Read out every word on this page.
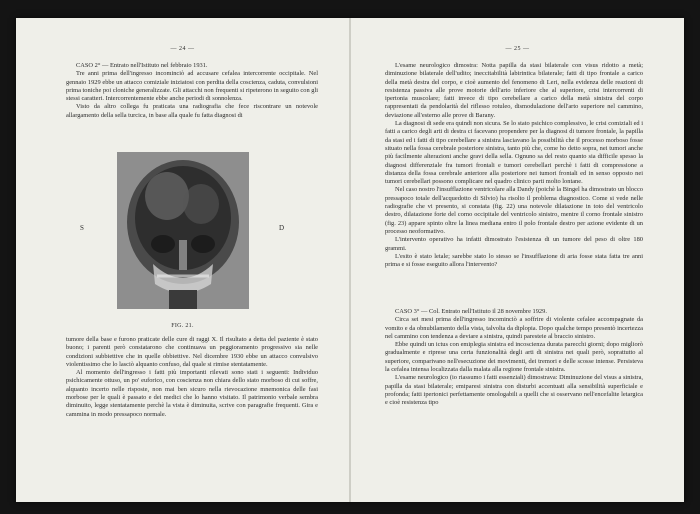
— 24 —

CASO 2° — Entrato nell'Istituto nel febbraio 1931.

Tre anni prima dell'ingresso incominciò ad accusare cefalea intercorrente occipitale. Nel gennaio 1929 ebbe un attacco comiziale iniziatosi con perdita della coscienza, caduta, convulsioni prima toniche poi cloniche generalizzate. Gli attacchi non frequenti si ripeterono in seguito con gli stessi caratteri. Intercorrentemente ebbe anche periodi di sonnolenza.

Visto da altro collega fu praticata una radiografia che fece riscontrare un notevole allargamento della sella turcica, in base alla quale fu fatta diagnosi di

S	D
FIG. 21.

tumore della base e furono praticate delle cure di raggi X. Il risultato a detta del paziente è stato buono; i parenti però constatarono che continuava un peggioramento progressivo sia nelle condizioni subbiettive che in quelle obbiettive. Nel dicembre 1930 ebbe un attacco convulsivo violentissimo che lo lasciò alquanto confuso, dal quale si rimise stentatamente.

Al momento dell'ingresso i fatti più importanti rilevati sono stati i seguenti: Individuo psichicamente ottuso, un po' euforico, con coscienza non chiara dello stato morboso di cui soffre, alquanto incerto nelle risposte, non mai ben sicuro nella rievocazione mnemonica delle fasi morbose per le quali è passato e dei medici che lo hanno visitato. Il patrimonio verbale sembra diminuito, legge stentatamente perchè la vista è diminuita, scrive con paragrafie frequenti. Gira e cammina in modo pressapoco normale.

— 25 —

L'esame neurologico dimostra: Notta papilla da stasi bilaterale con visus ridotto a metà; diminuzione bilaterale dell'udito; ineccitabilità labirintica bilaterale; fatti di tipo frontale a carico della metà destra del corpo, e cioè aumento del fenomeno di Leri, nella evidenza delle reazioni di resistenza passiva alle prove motorie dell'arto inferiore che al superiore, crisi intercorrenti di ipertonia muscolare; fatti invece di tipo cerebellare a carico della metà sinistra del corpo rappresentati da pendolarità del riflesso rotuleo, dismodulazione dell'arto superiore nel cammino, deviazione all'esterno alle prove di Barany.

La diagnosi di sede era quindi non sicura. Se lo stato psichico complessivo, le crisi comiziali ed i fatti a carico degli arti di destra ci facevano propendere per la diagnosi di tumore frontale, la papilla da stasi ed i fatti di tipo cerebellare a sinistra lasciavano la possibilità che il processo morboso fosse situato nella fossa cerebrale posteriore sinistra, tanto più che, come ho detto sopra, nei tumori anche più facilmente alterazioni anche gravi della sella. Ognuno sa del resto quanto sia difficile spesso la diagnosi differenziale fra tumori frontali e tumori cerebellari perchè i fatti di compressione a distanza della fossa cerebrale anteriore alla posteriore nei tumori frontali ed in senso opposto nei tumori cerebellari possono complicare nel quadro clinico parti molto lontane.

Nel caso nostro l'insufflazione ventricolare alla Dandy (poichè la Bingel ha dimostrato un blocco pressapoco totale dell'acquedotto di Silvio) ha risolto il problema diagnostico. Come si vede nelle radiografie che vi presento, si constata (fig. 22) una notevole dilatazione in toto del ventricolo destro, dilatazione forte del corno occipitale del ventricolo sinistro, mentre il corno frontale sinistro (fig. 23) appare spinto oltre la linea mediana entro il polo frontale destro per azione evidente di un processo neoformativo.

L'intervento operativo ha infatti dimostrato l'esistenza di un tumore del peso di oltre 180 grammi.

L'esito è stato letale; sarebbe stato lo stesso se l'insufflazione di aria fosse stata fatta tre anni prima e si fosse eseguito allora l'intervento?

CASO 3° — Col. Entrato nell'Istituto il 28 novembre 1929.

Circa sei mesi prima dell'ingresso incominciò a soffrire di violente cefalee accompagnate da vomito e da obnubilamento della vista, talvolta da diplopia. Dopo qualche tempo presentò incertezza nel cammino con tendenza a deviare a sinistra, quindi paresteie al braccio sinistro.

Ebbe quindi un ictus con emiplegia sinistra ed incoscienza durata parecchi giorni; dopo migliorò gradualmente e riprese una certa funzionalità degli arti di sinistra nei quali però, soprattutto al superiore, comparivano nell'esecuzione dei movimenti, dei tremori e delle scosse intense. Persisteva la cefalea intensa localizzata dalla malata alla regione frontale sinistra.

L'esame neurologico (io riassumo i fatti essenziali) dimostrava: Diminuzione del visus a sinistra, papilla da stasi bilaterale; emiparesi sinistra con disturbi accentuati alla sensibilità superficiale e profonda; fatti ipertonici perfettamente omologabili a quelli che si osservano nell'encefalite letargica e cioè resistenza tipo
